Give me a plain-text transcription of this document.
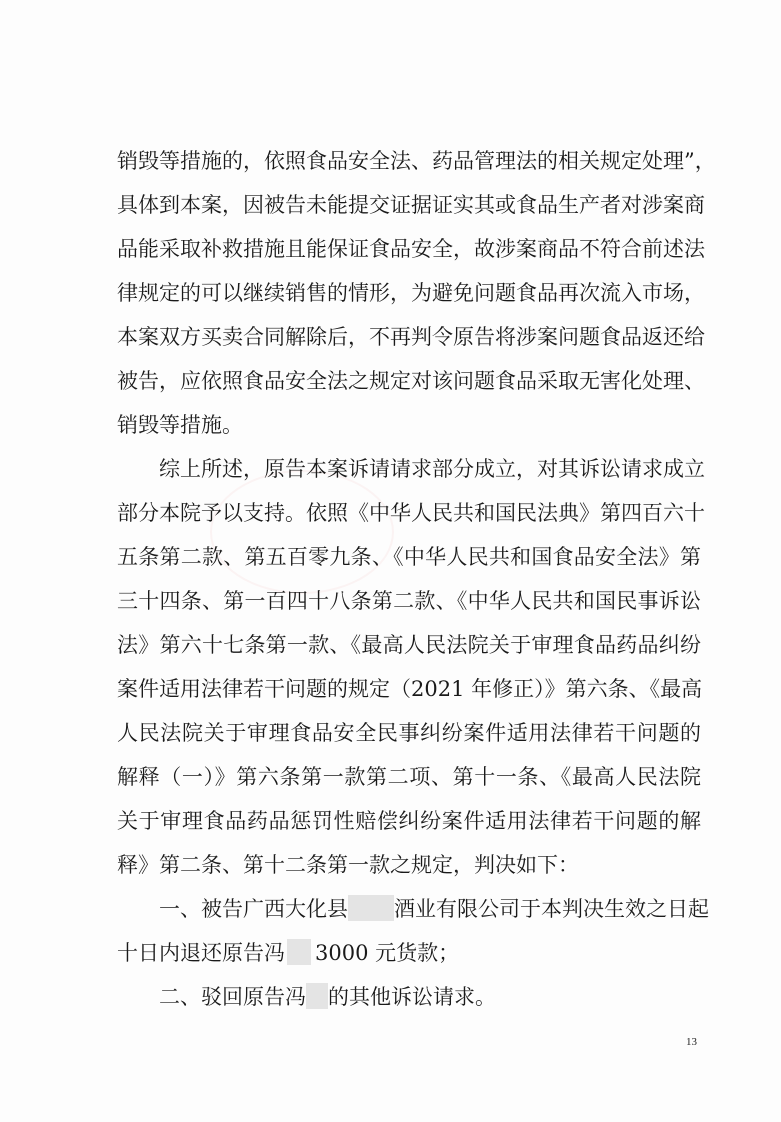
销毁等措施的，依照食品安全法、药品管理法的相关规定处理”，
具体到本案，因被告未能提交证据证实其或食品生产者对涉案商
品能采取补救措施且能保证食品安全，故涉案商品不符合前述法
律规定的可以继续销售的情形，为避免问题食品再次流入市场，
本案双方买卖合同解除后，不再判令原告将涉案问题食品返还给
被告，应依照食品安全法之规定对该问题食品采取无害化处理、
销毁等措施。
综上所述，原告本案诉请请求部分成立，对其诉讼请求成立
部分本院予以支持。依照《中华人民共和国民法典》第四百六十
五条第二款、第五百零九条、《中华人民共和国食品安全法》第
三十四条、第一百四十八条第二款、《中华人民共和国民事诉讼
法》第六十七条第一款、《最高人民法院关于审理食品药品纠纷
案件适用法律若干问题的规定（2021 年修正）》第六条、《最高
人民法院关于审理食品安全民事纠纷案件适用法律若干问题的
解释（一）》第六条第一款第二项、第十一条、《最高人民法院
关于审理食品药品惩罚性赔偿纠纷案件适用法律若干问题的解
释》第二条、第十二条第一款之规定，判决如下：
一、被告广西大化县 酒业有限公司于本判决生效之日起
十日内退还原告冯 3000 元货款；
二、驳回原告冯 的其他诉讼请求。
13
